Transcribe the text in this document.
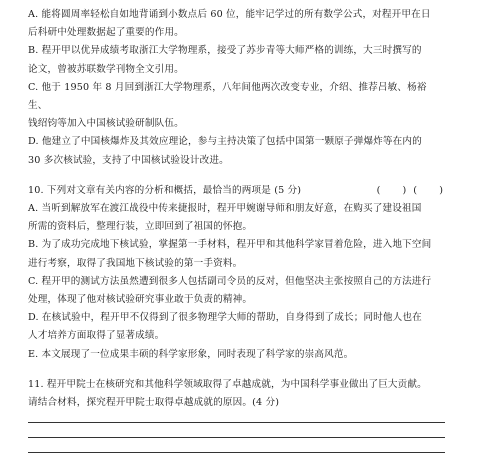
A. 能将圆周率轻松自如地背诵到小数点后 60 位，能牢记学过的所有数学公式，对程开甲在日

后科研中处理数据起了重要的作用。

B. 程开甲以优异成绩考取浙江大学物理系，接受了苏步青等大师严格的训练，大三时撰写的

论文，曾被苏联数学刊物全文引用。

C. 他于 1950 年 8 月回到浙江大学物理系，八年间他两次改变专业，介绍、推荐吕敏、杨裕生、

钱绍钧等加入中国核试验研制队伍。

D. 他建立了中国核爆炸及其效应理论，参与主持决策了包括中国第一颗原子弹爆炸等在内的

30 多次核试验，支持了中国核试验设计改进。

10. 下列对文章有关内容的分析和概括，最恰当的两项是 (5 分)	(    ) (    )

A. 当听到解放军在渡江战役中传来捷报时，程开甲婉谢导师和朋友好意，在购买了建设祖国

所需的资料后，整理行装，立即回到了祖国的怀抱。

B. 为了成功完成地下核试验，掌握第一手材料，程开甲和其他科学家冒着危险，进入地下空间

进行考察，取得了我国地下核试验的第一手资料。

C. 程开甲的测试方法虽然遭到很多人包括副司令员的反对，但他坚决主张按照自己的方法进行

处理，体现了他对核试验研究事业敢于负责的精神。

D. 在核试验中，程开甲不仅得到了很多物理学大师的帮助，自身得到了成长；同时他人也在

人才培养方面取得了显著成绩。

E. 本文展现了一位成果丰硕的科学家形象，同时表现了科学家的崇高风范。

11. 程开甲院士在核研究和其他科学领域取得了卓越成就，为中国科学事业做出了巨大贡献。

请结合材料，探究程开甲院士取得卓越成就的原因。(4 分)
